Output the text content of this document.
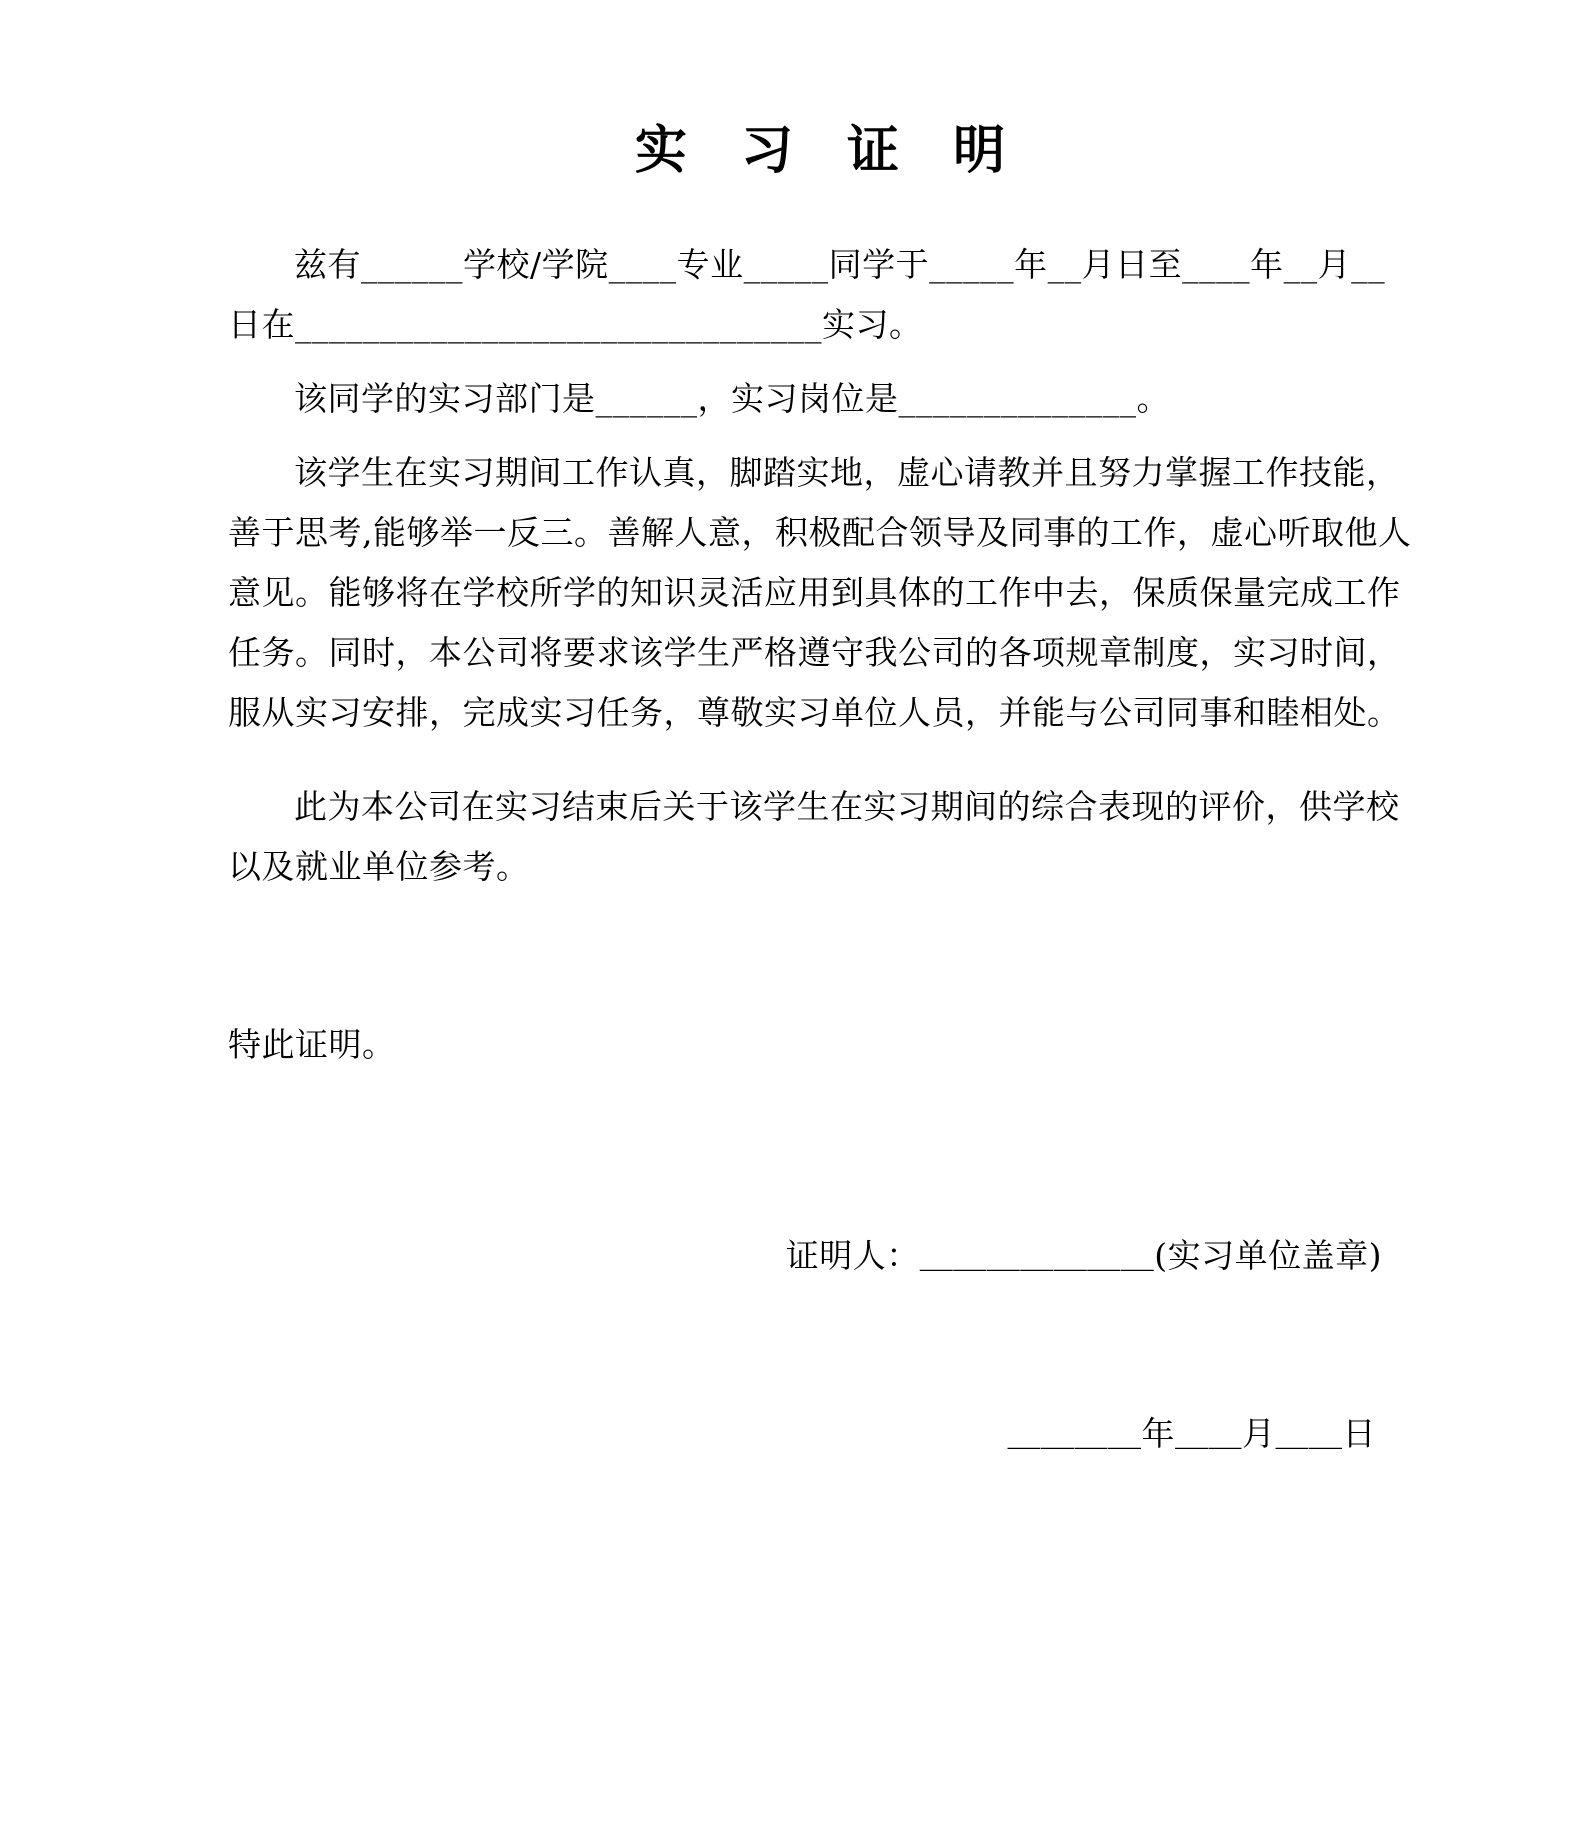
实 习 证 明

兹有______学校/学院____专业_____同学于_____年__月日至____年__月__日在_______________________________实习。

该同学的实习部门是______，实习岗位是______________。

该学生在实习期间工作认真，脚踏实地，虚心请教并且努力掌握工作技能，善于思考,能够举一反三。善解人意，积极配合领导及同事的工作，虚心听取他人意见。能够将在学校所学的知识灵活应用到具体的工作中去，保质保量完成工作任务。同时，本公司将要求该学生严格遵守我公司的各项规章制度，实习时间，服从实习安排，完成实习任务，尊敬实习单位人员，并能与公司同事和睦相处。

此为本公司在实习结束后关于该学生在实习期间的综合表现的评价，供学校以及就业单位参考。

特此证明。

证明人：＿＿＿＿＿＿＿(实习单位盖章)

＿＿＿＿年＿＿月＿＿日
